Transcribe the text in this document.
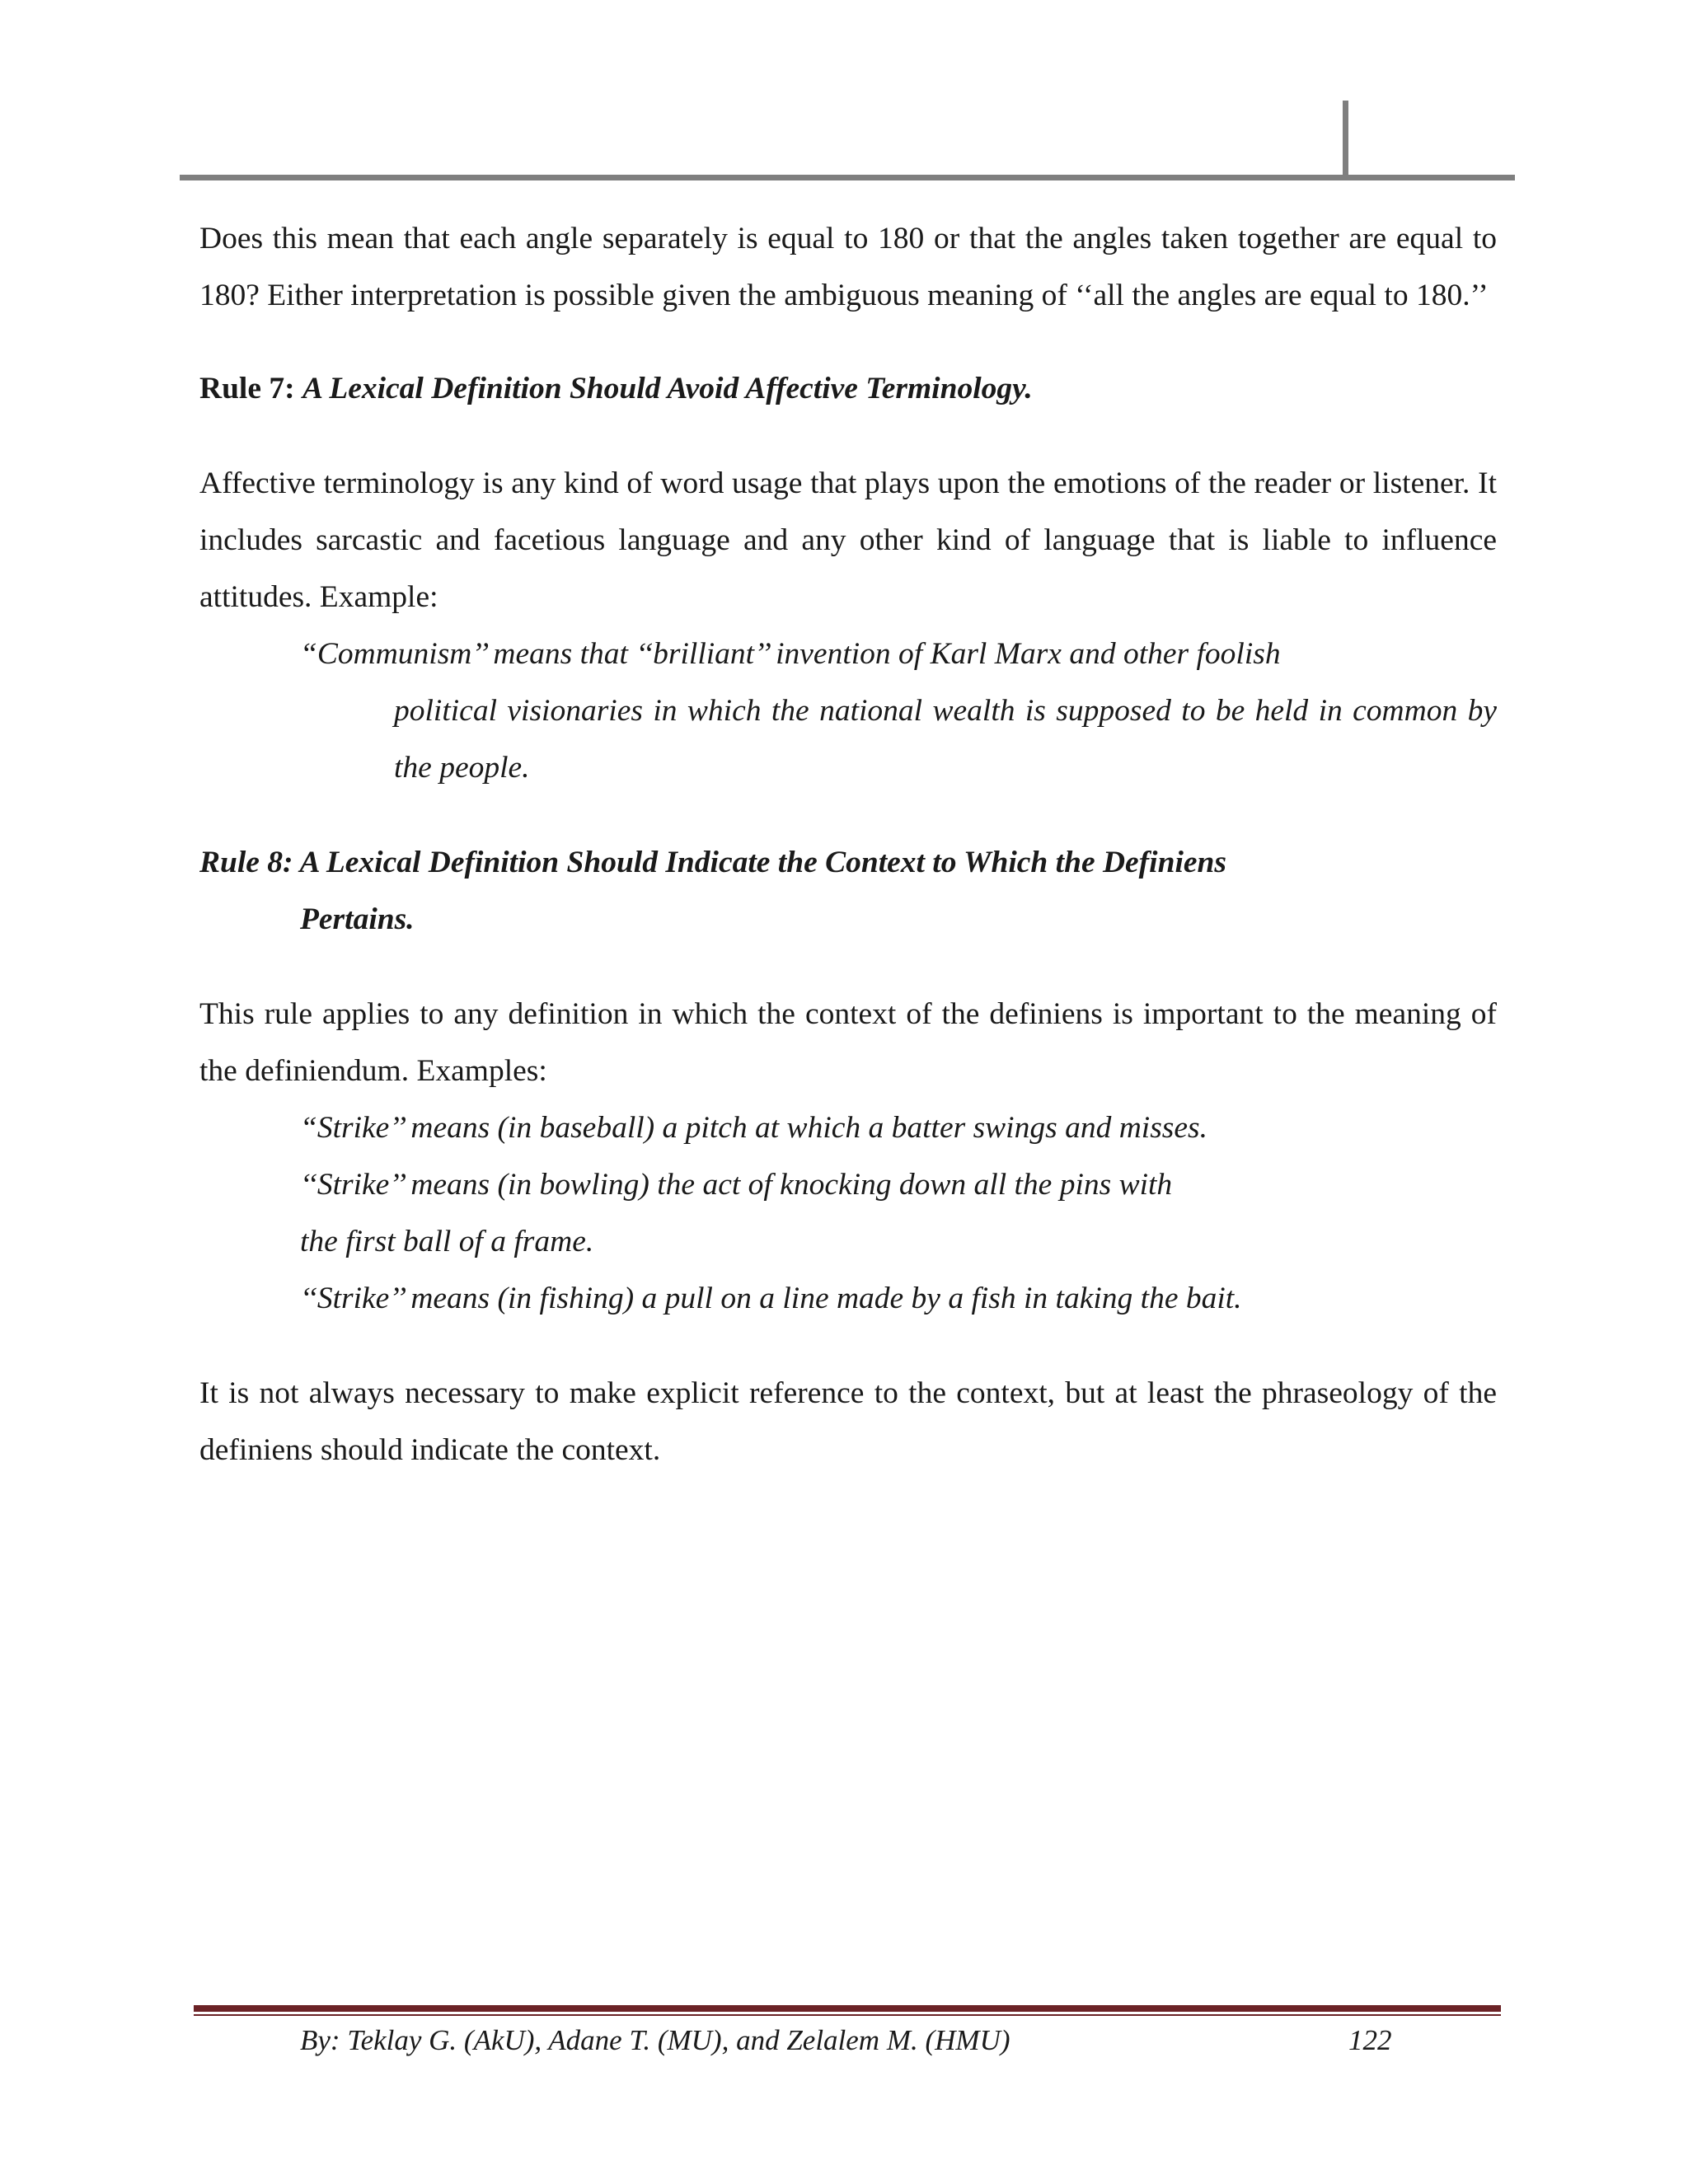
Does this mean that each angle separately is equal to 180 or that the angles taken together are equal to 180? Either interpretation is possible given the ambiguous meaning of ‘‘all the angles are equal to 180.’’

Rule 7: A Lexical Definition Should Avoid Affective Terminology.

Affective terminology is any kind of word usage that plays upon the emotions of the reader or listener. It includes sarcastic and facetious language and any other kind of language that is liable to influence attitudes. Example:

“Communism’’ means that ‘‘brilliant’’ invention of Karl Marx and other foolish
political visionaries in which the national wealth is supposed to be held in common by the people.

Rule 8: A Lexical Definition Should Indicate the Context to Which the Definiens
Pertains.

This rule applies to any definition in which the context of the definiens is important to the meaning of the definiendum. Examples:

“Strike’’ means (in baseball) a pitch at which a batter swings and misses.
‘‘Strike’’ means (in bowling) the act of knocking down all the pins with
the first ball of a frame.
‘‘Strike’’ means (in fishing) a pull on a line made by a fish in taking the bait.

It is not always necessary to make explicit reference to the context, but at least the phraseology of the definiens should indicate the context.

By: Teklay G. (AkU), Adane T. (MU), and Zelalem M. (HMU)	122
